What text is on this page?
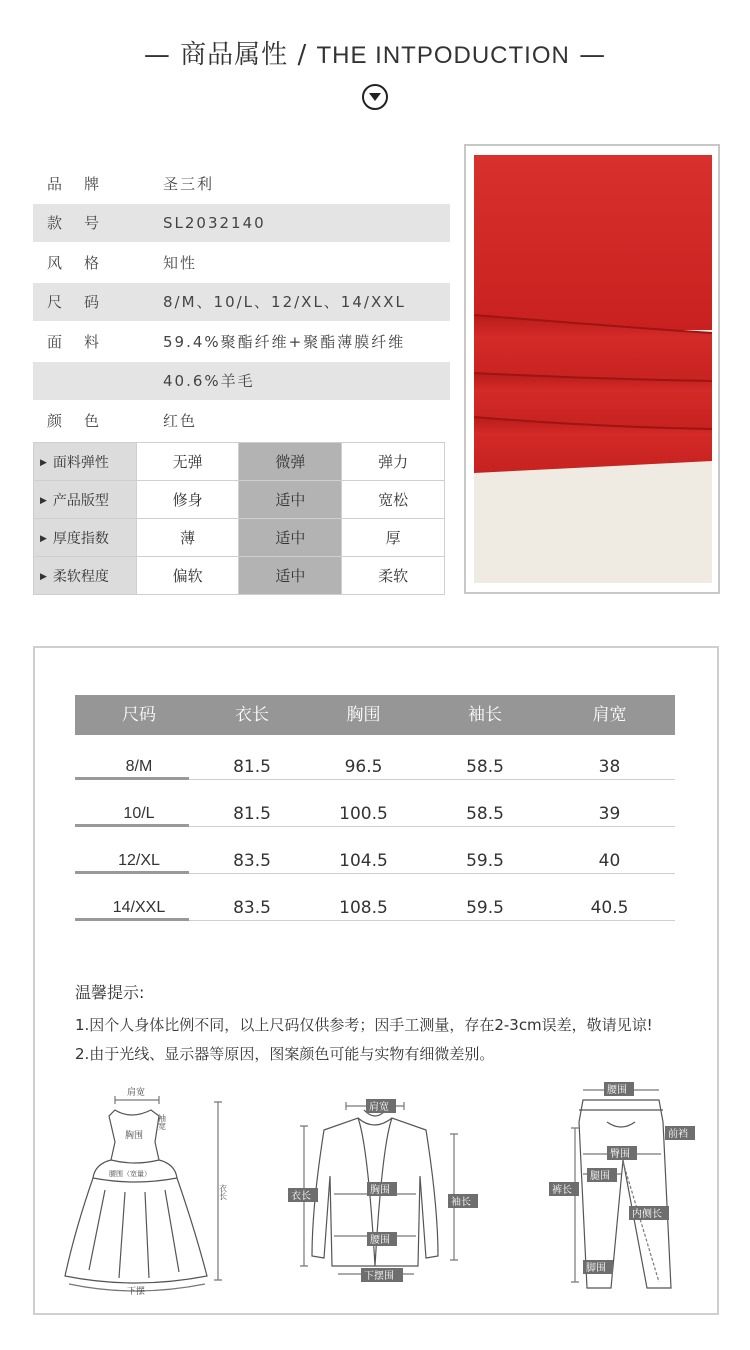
— 商品属性 / THE INTPODUCTION —
品牌	圣三利
款号	SL2032140
风格	知性
尺码	8/M、10/L、12/XL、14/XXL
面料	59.4%聚酯纤维+聚酯薄膜纤维
40.6%羊毛
颜色	红色
▶ 面料弹性	无弹	微弹	弹力
▶ 产品版型	修身	适中	宽松
▶ 厚度指数	薄	适中	厚
▶ 柔软程度	偏软	适中	柔软
尺码	衣长	胸围	袖长	肩宽
8/M	81.5	96.5	58.5	38
10/L	81.5	100.5	58.5	39
12/XL	83.5	104.5	59.5	40
14/XXL	83.5	108.5	59.5	40.5
温馨提示:
1.因个人身体比例不同，以上尺码仅供参考；因手工测量，存在2-3cm误差，敬请见谅!
2.由于光线、显示器等原因，图案颜色可能与实物有细微差别。
肩宽
袖宽
胸围
腰围（宽量）
衣长
下摆
肩宽
衣长
胸围
袖长
腰围
下摆围
腰围
前裆
臀围
腿围
裤长
内侧长
脚围
